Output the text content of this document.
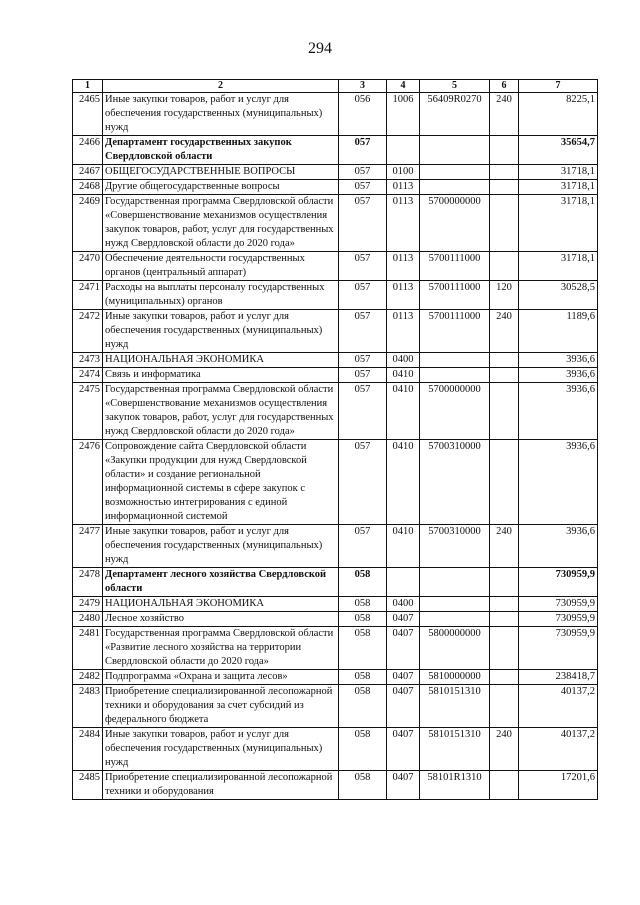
294
1	2	3	4	5	6	7
2465	Иные закупки товаров, работ и услуг для обеспечения государственных (муниципальных) нужд	056	1006	56409R0270	240	8225,1
2466	Департамент государственных закупок Свердловской области	057				35654,7
2467	ОБЩЕГОСУДАРСТВЕННЫЕ ВОПРОСЫ	057	0100			31718,1
2468	Другие общегосударственные вопросы	057	0113			31718,1
2469	Государственная программа Свердловской области «Совершенствование механизмов осуществления закупок товаров, работ, услуг для государственных нужд Свердловской области до 2020 года»	057	0113	5700000000		31718,1
2470	Обеспечение деятельности государственных органов (центральный аппарат)	057	0113	5700111000		31718,1
2471	Расходы на выплаты персоналу государственных (муниципальных) органов	057	0113	5700111000	120	30528,5
2472	Иные закупки товаров, работ и услуг для обеспечения государственных (муниципальных) нужд	057	0113	5700111000	240	1189,6
2473	НАЦИОНАЛЬНАЯ ЭКОНОМИКА	057	0400			3936,6
2474	Связь и информатика	057	0410			3936,6
2475	Государственная программа Свердловской области «Совершенствование механизмов осуществления закупок товаров, работ, услуг для государственных нужд Свердловской области до 2020 года»	057	0410	5700000000		3936,6
2476	Сопровождение сайта Свердловской области «Закупки продукции для нужд Свердловской области» и создание региональной информационной системы в сфере закупок с возможностью интегрирования с единой информационной системой	057	0410	5700310000		3936,6
2477	Иные закупки товаров, работ и услуг для обеспечения государственных (муниципальных) нужд	057	0410	5700310000	240	3936,6
2478	Департамент лесного хозяйства Свердловской области	058				730959,9
2479	НАЦИОНАЛЬНАЯ ЭКОНОМИКА	058	0400			730959,9
2480	Лесное хозяйство	058	0407			730959,9
2481	Государственная программа Свердловской области «Развитие лесного хозяйства на территории Свердловской области до 2020 года»	058	0407	5800000000		730959,9
2482	Подпрограмма «Охрана и защита лесов»	058	0407	5810000000		238418,7
2483	Приобретение специализированной лесопожарной техники и оборудования за счет субсидий из федерального бюджета	058	0407	5810151310		40137,2
2484	Иные закупки товаров, работ и услуг для обеспечения государственных (муниципальных) нужд	058	0407	5810151310	240	40137,2
2485	Приобретение специализированной лесопожарной техники и оборудования	058	0407	58101R1310		17201,6
